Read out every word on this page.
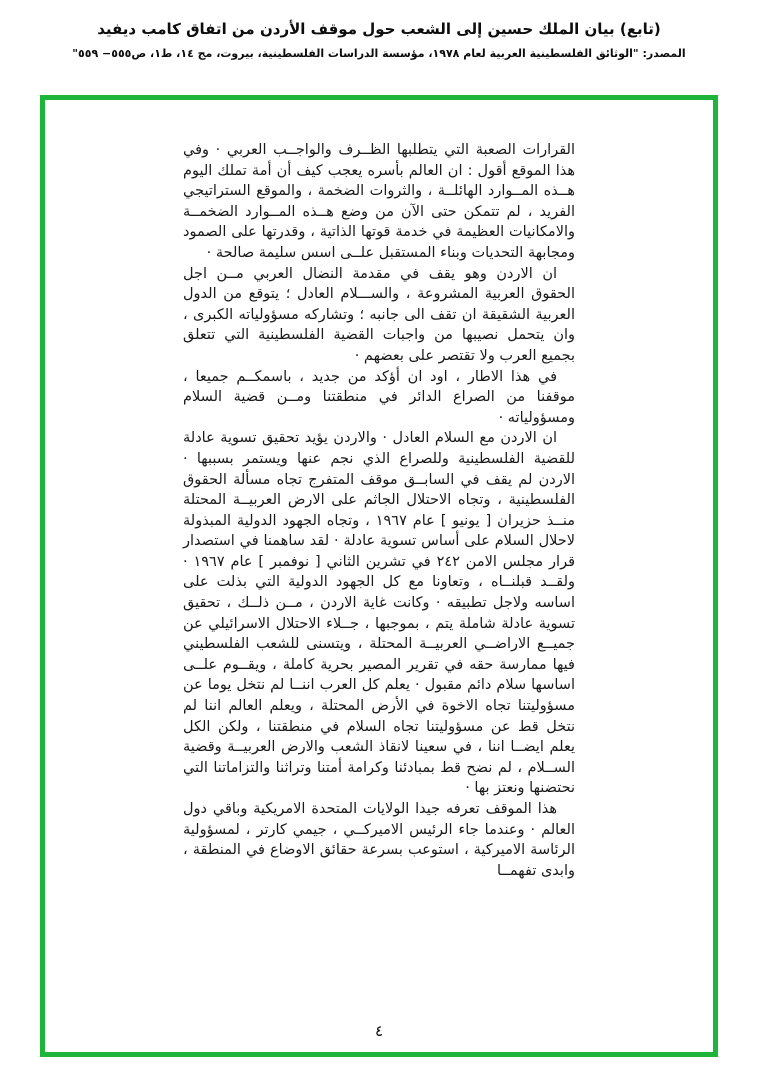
(تابع) بيان الملك حسين إلى الشعب حول موقف الأردن من اتفاق كامب ديفيد
المصدر: "الوثائق الفلسطينية العربية لعام ١٩٧٨، مؤسسة الدراسات الفلسطينية، بيروت، مج ١٤، ط١، ص٥٥٥− ٥٥٩"

القرارات الصعبة التي يتطلبها الظــرف والواجــب العربي · وفي هذا الموقع أقول : ان العالم بأسره يعجب كيف أن أمة تملك اليوم هــذه المــوارد الهائلــة ، والثروات الضخمة ، والموقع الستراتيجي الفريد ، لم تتمكن حتى الآن من وضع هــذه المــوارد الضخمــة والامكانيات العظيمة في خدمة قوتها الذاتية ، وقدرتها على الصمود ومجابهة التحديات وبناء المستقبل علــى اسس سليمة صالحة ·

ان الاردن وهو يقف في مقدمة النضال العربي مــن اجل الحقوق العربية المشروعة ، والســـلام العادل ؛ يتوقع من الدول العربية الشقيقة ان تقف الى جانبه ؛ وتشاركه مسؤولياته الكبرى ، وان يتحمل نصيبها من واجبات القضية الفلسطينية التي تتعلق بجميع العرب ولا تقتصر على بعضهم ·

في هذا الاطار ، اود ان أؤكد من جديد ، باسمكــم جميعا ، موقفنا من الصراع الدائر في منطقتنا ومــن قضية السلام ومسؤولياته ·

ان الاردن مع السلام العادل · والاردن يؤيد تحقيق تسوية عادلة للقضية الفلسطينية وللصراع الذي نجم عنها ويستمر بسببها · الاردن لم يقف في السابــق موقف المتفرج تجاه مسألة الحقوق الفلسطينية ، وتجاه الاحتلال الجاثم على الارض العربيــة المحتلة منــذ حزيران [ يونيو ] عام ١٩٦٧ ، وتجاه الجهود الدولية المبذولة لاحلال السلام على أساس تسوية عادلة · لقد ساهمنا في استصدار قرار مجلس الامن ٢٤٢ في تشرين الثاني [ نوفمبر ] عام ١٩٦٧ · ولقــد قبلنــاه ، وتعاونا مع كل الجهود الدولية التي بذلت على اساسه ولاجل تطبيقه · وكانت غاية الاردن ، مــن ذلــك ، تحقيق تسوية عادلة شاملة يتم ، بموجبها ، جــلاء الاحتلال الاسرائيلي عن جميــع الاراضــي العربيــة المحتلة ، ويتسنى للشعب الفلسطيني فيها ممارسة حقه في تقرير المصير بحرية كاملة ، ويقــوم علــى اساسها سلام دائم مقبول · يعلم كل العرب اننــا لم نتخل يوما عن مسؤوليتنا تجاه الاخوة في الأرض المحتلة ، ويعلم العالم اننا لم نتخل قط عن مسؤوليتنا تجاه السلام في منطقتنا ، ولكن الكل يعلم ايضــا اننا ، في سعينا لانقاذ الشعب والارض العربيــة وقضية الســلام ، لم نضح قط بمبادئنا وكرامة أمتنا وتراثنا والتزاماتنا التي نحتضنها ونعتز بها ·

هذا الموقف تعرفه جيدا الولايات المتحدة الامريكية وباقي دول العالم · وعندما جاء الرئيس الاميركــي ، جيمي كارتر ، لمسؤولية الرئاسة الاميركية ، استوعب بسرعة حقائق الاوضاع في المنطقة ، وابدى تفهمــا

٤
